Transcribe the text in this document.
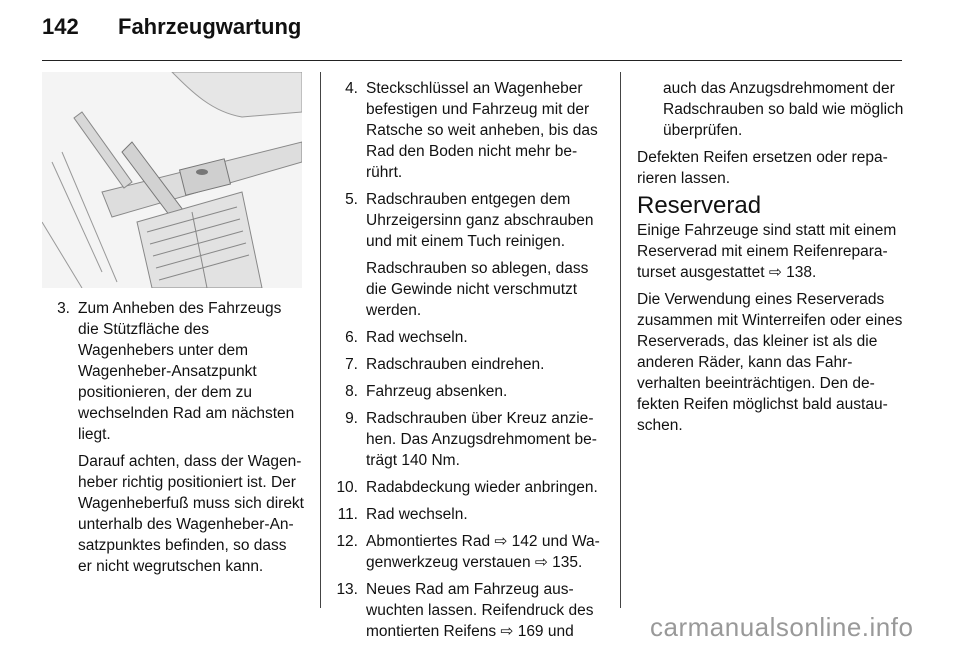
142 Fahrzeugwartung
3. Zum Anheben des Fahrzeugs die Stützfläche des Wagenhebers unter dem Wagenheber-Ansatzpunkt positionieren, der dem zu wechselnden Rad am nächsten liegt.

Darauf achten, dass der Wagenheber richtig positioniert ist. Der Wagenheberfuß muss sich direkt unterhalb des Wagenheber-Ansatzpunktes befinden, so dass er nicht wegrutschen kann.

4. Steckschlüssel an Wagenheber befestigen und Fahrzeug mit der Ratsche so weit anheben, bis das Rad den Boden nicht mehr berührt.

5. Radschrauben entgegen dem Uhrzeigersinn ganz abschrauben und mit einem Tuch reinigen.

Radschrauben so ablegen, dass die Gewinde nicht verschmutzt werden.

6. Rad wechseln.

7. Radschrauben eindrehen.

8. Fahrzeug absenken.

9. Radschrauben über Kreuz anziehen. Das Anzugsdrehmoment beträgt 140 Nm.

10. Radabdeckung wieder anbringen.

11. Rad wechseln.

12. Abmontiertes Rad ⇨ 142 und Wagenwerkzeug verstauen ⇨ 135.

13. Neues Rad am Fahrzeug auswuchten lassen. Reifendruck des montierten Reifens ⇨ 169 und

auch das Anzugsdrehmoment der Radschrauben so bald wie möglich überprüfen.

Defekten Reifen ersetzen oder reparieren lassen.

Reserverad

Einige Fahrzeuge sind statt mit einem Reserverad mit einem Reifenreparaturset ausgestattet ⇨ 138.

Die Verwendung eines Reserverads zusammen mit Winterreifen oder eines Reserverads, das kleiner ist als die anderen Räder, kann das Fahrverhalten beeinträchtigen. Den defekten Reifen möglichst bald austauschen.

carmanualsonline.info
